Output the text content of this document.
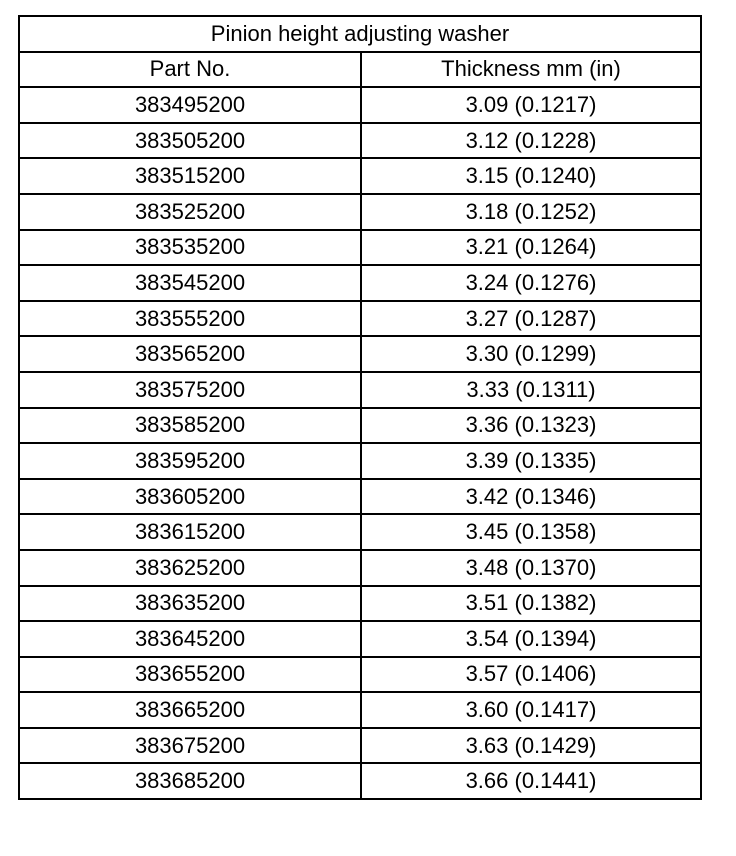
Pinion height adjusting washer	
Part No.	Thickness mm (in)
383495200	3.09 (0.1217)
383505200	3.12 (0.1228)
383515200	3.15 (0.1240)
383525200	3.18 (0.1252)
383535200	3.21 (0.1264)
383545200	3.24 (0.1276)
383555200	3.27 (0.1287)
383565200	3.30 (0.1299)
383575200	3.33 (0.1311)
383585200	3.36 (0.1323)
383595200	3.39 (0.1335)
383605200	3.42 (0.1346)
383615200	3.45 (0.1358)
383625200	3.48 (0.1370)
383635200	3.51 (0.1382)
383645200	3.54 (0.1394)
383655200	3.57 (0.1406)
383665200	3.60 (0.1417)
383675200	3.63 (0.1429)
383685200	3.66 (0.1441)
